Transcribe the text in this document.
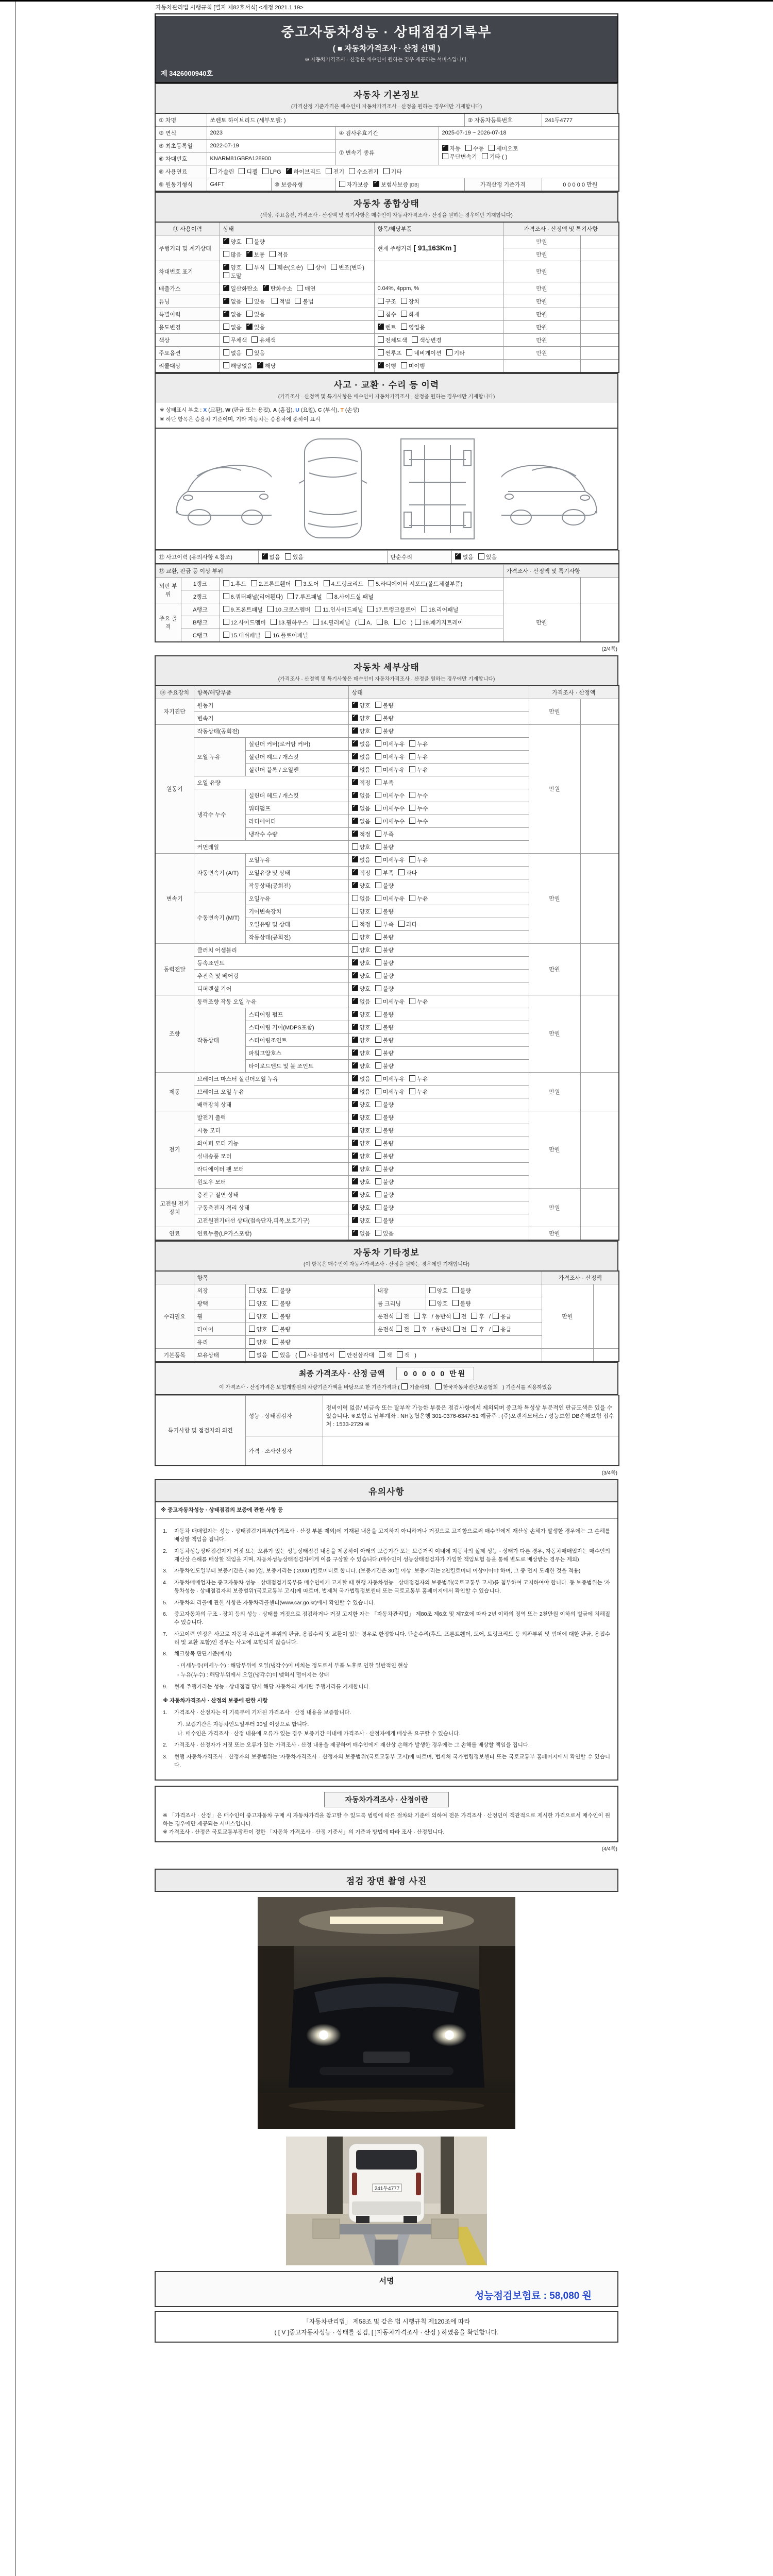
자동차관리법 시행규칙 [별지 제82호서식] <개정 2021.1.19>
중고자동차성능 · 상태점검기록부
( ■ 자동차가격조사 · 산정 선택 )
※ 자동차가격조사 · 산정은 매수인이 원하는 경우 제공하는 서비스입니다.
제 3426000940호
자동차 기본정보
(가격산정 기준가격은 매수인이 자동차가격조사 · 산정을 원하는 경우에만 기재합니다)
① 차명	쏘렌토 하이브리드 (세부모델: )				② 자동차등록번호	241두4777
③ 연식	2023		④ 검사유효기간	2025-07-19 ~ 2026-07-18		
⑤ 최초등록일	2022-07-19		⑦ 변속기 종류	✓자동 수동 세미오토
무단변속기 기타 ( )
⑥ 차대번호	KNARM81GBPA128900					
⑧ 사용연료	가솔린 디젤 LPG ✓ 하이브리드 전기 수소전기 기타
⑨ 원동기형식	G4FT	⑩ 보증유형	자가보증 ✓ 보험사보증 [DB]		가격산정 기준가격	0 0 0 0 0 만원
자동차 종합상태
(색상, 주요옵션, 가격조사 · 산정액 및 특기사항은 매수인이 자동차가격조사 · 산정을 원하는 경우에만 기재합니다)
⑪ 사용이력	상태	항목/해당부품	가격조사 · 산정액 및 특기사항	
주행거리 및 계기상태	✓양호 불량	현재 주행거리 [ 91,163Km ]	만원	
	많음 ✓ 보통 적음		만원	
차대번호 표기	✓양호 부식 훼손(오손) 상이 변조(변타)도말		만원	
배출가스	✓일산화탄소 ✓ 탄화수소 매연	0.04%, 4ppm, %	만원	
튜닝	✓없음 있음 적법 불법	구조 장치	만원	
특별이력	✓없음 있음	침수 화재	만원	
용도변경	없음 ✓ 있음	✓렌트 영업용	만원	
색상	무채색 유채색	전체도색 색상변경	만원	
주요옵션	없음 있음	썬루프 네비게이션 기타	만원	
리콜대상	해당없음 ✓ 해당	✓이행 미이행		
사고 · 교환 · 수리 등 이력
(가격조사 · 산정액 및 특기사항은 매수인이 자동차가격조사 · 산정을 원하는 경우에만 기재합니다)
※ 상태표시 부호 : X (교환), W (판금 또는 용접), A (흠집), U (요철), C (부식), T (손상)
※ 하단 항목은 승용차 기준이며, 기타 자동차는 승용차에 준하여 표시
⑫ 사고이력 (유의사항 4.참조)	✓없음 있음	단순수리	✓없음 있음
⑬ 교환, 판금 등 이상 부위			가격조사 · 산정액 및 특기사항	
외판 부위	1랭크	1.후드 2.프론트휀더 3.도어 4.트렁크리드 5.라디에이터 서포트(볼트체결부품)		
	2랭크	6.쿼터패널(리어휀다) 7.루프패널 8.사이드실 패널		
주요 골격	A랭크	9.프론트패널 10.크로스멤버 11.인사이드패널 17.트렁크플로어 18.리어패널	만원	
	B랭크	12.사이드멤버 13.휠하우스 14.필러패널 ( A, B, C ) 19.패키지트레이		
	C랭크	15.대쉬패널 16.플로어패널		
(2/4쪽)
자동차 세부상태
(가격조사 · 산정액 및 특기사항은 매수인이 자동차가격조사 · 산정을 원하는 경우에만 기재합니다)
⑭ 주요장치	항목/해당부품		상태	가격조사 · 산정액	
자기진단	원동기	✓양호 불량	만원	
	변속기	✓양호 불량
원동기	작동상태(공회전)	✓양호 불량	만원	
	오일 누유	실린더 커버(로커암 커버)	✓없음 미세누유 누유
		실린더 헤드 / 개스킷	✓없음 미세누유 누유
		실린더 블록 / 오일팬	✓없음 미세누유 누유
	오일 유량	✓적정 부족
	냉각수 누수	실린더 헤드 / 개스킷	✓없음 미세누수 누수
		워터펌프	✓없음 미세누수 누수
		라디에이터	✓없음 미세누수 누수
		냉각수 수량	✓적정 부족
	커먼레일		양호 불량		
변속기	자동변속기 (A/T)	오일누유	✓없음 미세누유 누유	만원	
		오일유량 및 상태	✓적정 부족 과다
		작동상태(공회전)	✓양호 불량
	수동변속기 (M/T)	오일누유	없음 미세누유 누유		
		기어변속장치	양호 불량		
		오일유량 및 상태	적정 부족 과다		
		작동상태(공회전)	양호 불량		
동력전달	클러치 어셈블리		양호 불량	만원	
	등속죠인트	✓양호 불량
	추진축 및 베어링	✓양호 불량
	디퍼렌셜 기어	✓양호 불량
조향	동력조향 작동 오일 누유	✓없음 미세누유 누유	만원	
	작동상태	스티어링 펌프	✓양호 불량
		스티어링 기어(MDPS포함)	✓양호 불량
		스티어링조인트	✓양호 불량
		파워고압호스	✓양호 불량
		타이로드엔드 및 볼 조인트	✓양호 불량
제동	브레이크 마스터 실린더오일 누유	✓없음 미세누유 누유	만원	
	브레이크 오일 누유	✓없음 미세누유 누유
	배력장치 상태	✓양호 불량
전기	발전기 출력	✓양호 불량	만원	
	시동 모터	✓양호 불량
	와이퍼 모터 기능	✓양호 불량
	실내송풍 모터	✓양호 불량
	라디에이터 팬 모터	✓양호 불량
	윈도우 모터	✓양호 불량
고전원 전기장치	충전구 절연 상태	✓양호 불량	만원	
	구동축전지 격리 상태	✓양호 불량
	고전원전기배선 상태(접속단자,피복,보호기구)	✓양호 불량
연료	연료누출(LP가스포함)	✓없음 있음	만원	
자동차 기타정보
(이 항목은 매수인이 자동차가격조사 · 산정을 원하는 경우에만 기재합니다)
	항목				가격조사 · 산정액	
수리필요	외장	양호 불량	내장	양호 불량	만원	
	광택	양호 불량	룸 크리닝	양호 불량		
	휠	양호 불량	운전석 전 후 / 동반석 전 후 / 응급			
	타이어	양호 불량	운전석 전 후 / 동반석 전 후 / 응급			
	유리	양호 불량				
기본품목	보유상태	없음 있음 ( 사용설명서 안전삼각대 잭 잭 )				
최종 가격조사 · 산정 금액	0 0 0 0 0 만원
이 가격조사 · 산정가격은 보험개발원의 차량기준가액을 바탕으로 한 기준가격과 ( 기술사회, 한국자동차진단보증협회 ) 기준서를 적용하였음
특기사항 및 점검자의 의견	성능 · 상태점검자	정비이력 없음/ 비금속 또는 탈부착 가능한 부품은 점검사항에서 제외되며 중고차 특성상 부분적인 판금도색은 있을 수 있습니다. ※보험료 납부계좌 : NH농협은행 301-0376-6347-51 예금주 : (주)오렌지모터스 / 성능보험 DB손해보험 접수처 : 1533-2729 ※
	가격 · 조사산정자	
(3/4쪽)
유의사항
※ 중고자동차성능 · 상태점검의 보증에 관한 사항 등
1.	자동차 매매업자는 성능 · 상태점검기록부(가격조사 · 산정 부분 제외)에 기재된 내용을 고지하지 아니하거나 거짓으로 고지함으로써 매수인에게 재산상 손해가 발생한 경우에는 그 손해를 배상할 책임을 집니다.
2.	자동차성능상태점검자가 거짓 또는 오류가 있는 성능상태점검 내용을 제공하여 아래의 보증기간 또는 보증거리 이내에 자동차의 실제 성능 · 상태가 다른 경우, 자동차매매업자는 매수인의 재산상 손해를 배상할 책임을 지며, 자동차성능상태점검자에게 이를 구상할 수 있습니다.(매수인이 성능상태점검자가 가입한 책임보험 등을 통해 별도로 배상받는 경우는 제외)
3.	자동차인도일부터 보증기간은 ( 30 )일, 보증거리는 ( 2000 )킬로미터로 합니다. (보증기간은 30일 이상, 보증거리는 2천킬로미터 이상이어야 하며, 그 중 먼저 도래한 것을 적용)
4.	자동차매매업자는 중고자동차 성능 · 상태점검기록부를 매수인에게 고지할 때 현행 자동차성능 · 상태점검자의 보증범위(국토교통부 고시)를 첨부하여 고지하여야 합니다. 동 보증범위는 '자동차성능 · 상태점검자의 보증범위'(국토교통부 고시)에 따르며, 법제처 국가법령정보센터 또는 국토교통부 홈페이지에서 확인할 수 있습니다.
5.	자동차의 리콜에 관한 사항은 자동차리콜센터(www.car.go.kr)에서 확인할 수 있습니다.
6.	중고자동차의 구조 · 장치 등의 성능 · 상태를 거짓으로 점검하거나 거짓 고지한 자는 「자동차관리법」 제80조 제6호 및 제7호에 따라 2년 이하의 징역 또는 2천만원 이하의 벌금에 처해질 수 있습니다.
7.	사고이력 인정은 사고로 자동차 주요골격 부위의 판금, 용접수리 및 교환이 있는 경우로 한정합니다. 단순수리(후드, 프론트휀더, 도어, 트렁크리드 등 외판부위 및 범퍼에 대한 판금, 용접수리 및 교환 포함)인 경우는 사고에 포함되지 않습니다.
8.	체크항목 판단기준(예시)
- 미세누유(미세누수) : 해당부위에 오일(냉각수)이 비치는 정도로서 부품 노후로 인한 일반적인 현상
- 누유(누수) : 해당부위에서 오일(냉각수)이 맺혀서 떨어지는 상태
9.	현재 주행거리는 성능 · 상태점검 당시 해당 자동차의 계기판 주행거리를 기재합니다.
※ 자동차가격조사 · 산정의 보증에 관한 사항
1.	가격조사 · 산정자는 이 기록부에 기재된 가격조사 · 산정 내용을 보증합니다.
가. 보증기간은 자동차인도일부터 30일 이상으로 합니다.
나. 매수인은 가격조사 · 산정 내용에 오류가 있는 경우 보증기간 이내에 가격조사 · 산정자에게 배상을 요구할 수 있습니다.
2.	가격조사 · 산정자가 거짓 또는 오류가 있는 가격조사 · 산정 내용을 제공하여 매수인에게 재산상 손해가 발생한 경우에는 그 손해를 배상할 책임을 집니다.
3.	현행 자동차가격조사 · 산정자의 보증범위는 '자동차가격조사 · 산정자의 보증범위'(국토교통부 고시)에 따르며, 법제처 국가법령정보센터 또는 국토교통부 홈페이지에서 확인할 수 있습니다.
자동차가격조사 · 산정이란
※ 「가격조사 · 산정」은 매수인이 중고자동차 구매 시 자동차가격을 참고할 수 있도록 법령에 따른 절차와 기준에 의하여 전문 가격조사 · 산정인이 객관적으로 제시한 가격으로서 매수인이 원하는 경우에만 제공되는 서비스입니다.
※ 가격조사 · 산정은 국토교통부장관이 정한 「자동차 가격조사 · 산정 기준서」의 기준과 방법에 따라 조사 · 산정됩니다.
(4/4쪽)
점검 장면 촬영 사진
241두4777
서명
성능점검보험료 : 58,080 원
「자동차관리법」 제58조 및 같은 법 시행규칙 제120조에 따라
( [ V ]중고자동차성능 · 상태를 점검, [ ]자동차가격조사 · 산정 ) 하였음을 확인합니다.
